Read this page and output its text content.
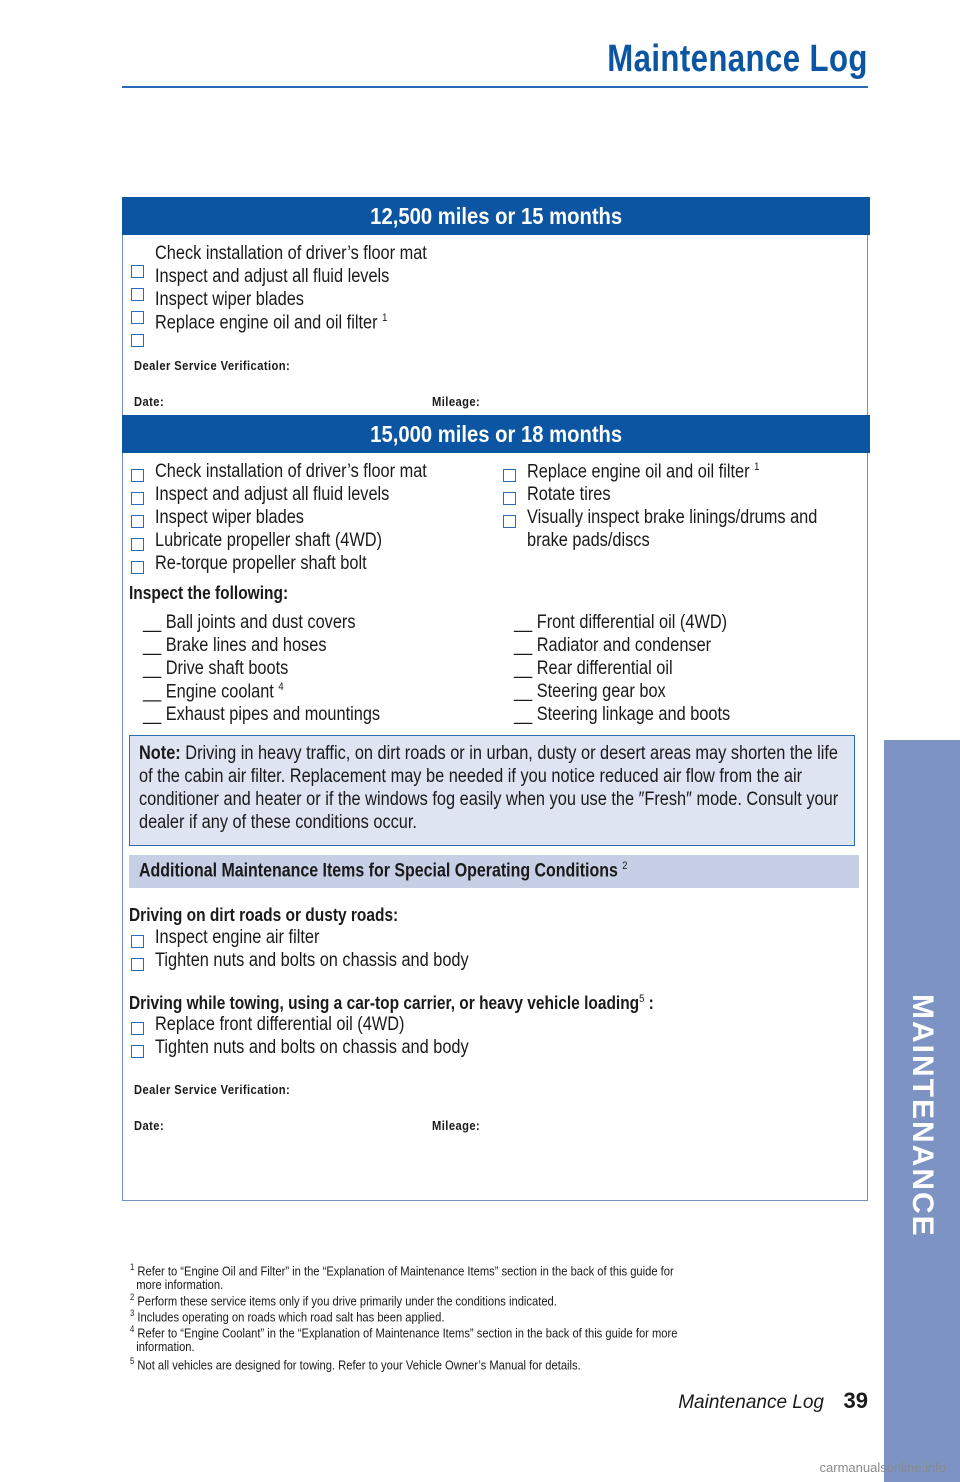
Maintenance Log
MAINTENANCE
12,500 miles or 15 months
Check installation of driver’s floor mat
Inspect and adjust all fluid levels
Inspect wiper blades
Replace engine oil and oil filter $^1$
Dealer Service Verification:
Date:	Mileage:
15,000 miles or 18 months
Check installation of driver’s floor mat
Inspect and adjust all fluid levels
Inspect wiper blades
Lubricate propeller shaft (4WD)
Re-torque propeller shaft bolt
Replace engine oil and oil filter $^1$
Rotate tires
Visually inspect brake linings/drums and
brake pads/discs
Inspect the following:
__ Ball joints and dust covers
__ Brake lines and hoses
__ Drive shaft boots
__ Engine coolant $^4$
__ Exhaust pipes and mountings
__ Front differential oil (4WD)
__ Radiator and condenser
__ Rear differential oil
__ Steering gear box
__ Steering linkage and boots
Note: Driving in heavy traffic, on dirt roads or in urban, dusty or desert areas may shorten the life of the cabin air filter. Replacement may be needed if you notice reduced air flow from the air conditioner and heater or if the windows fog easily when you use the ″Fresh″ mode. Consult your dealer if any of these conditions occur.
Additional Maintenance Items for Special Operating Conditions $^2$
Driving on dirt roads or dusty roads:
Inspect engine air filter
Tighten nuts and bolts on chassis and body
Driving while towing, using a car-top carrier, or heavy vehicle loading$^5$ :
Replace front differential oil (4WD)
Tighten nuts and bolts on chassis and body
Dealer Service Verification:
Date:	Mileage:
$^1$ Refer to “Engine Oil and Filter” in the “Explanation of Maintenance Items” section in the back of this guide for
more information.
$^2$ Perform these service items only if you drive primarily under the conditions indicated.
$^3$ Includes operating on roads which road salt has been applied.
$^4$ Refer to “Engine Coolant” in the “Explanation of Maintenance Items” section in the back of this guide for more
information.
$^5$ Not all vehicles are designed for towing. Refer to your Vehicle Owner’s Manual for details.
Maintenance Log 39
carmanualsonline.info
